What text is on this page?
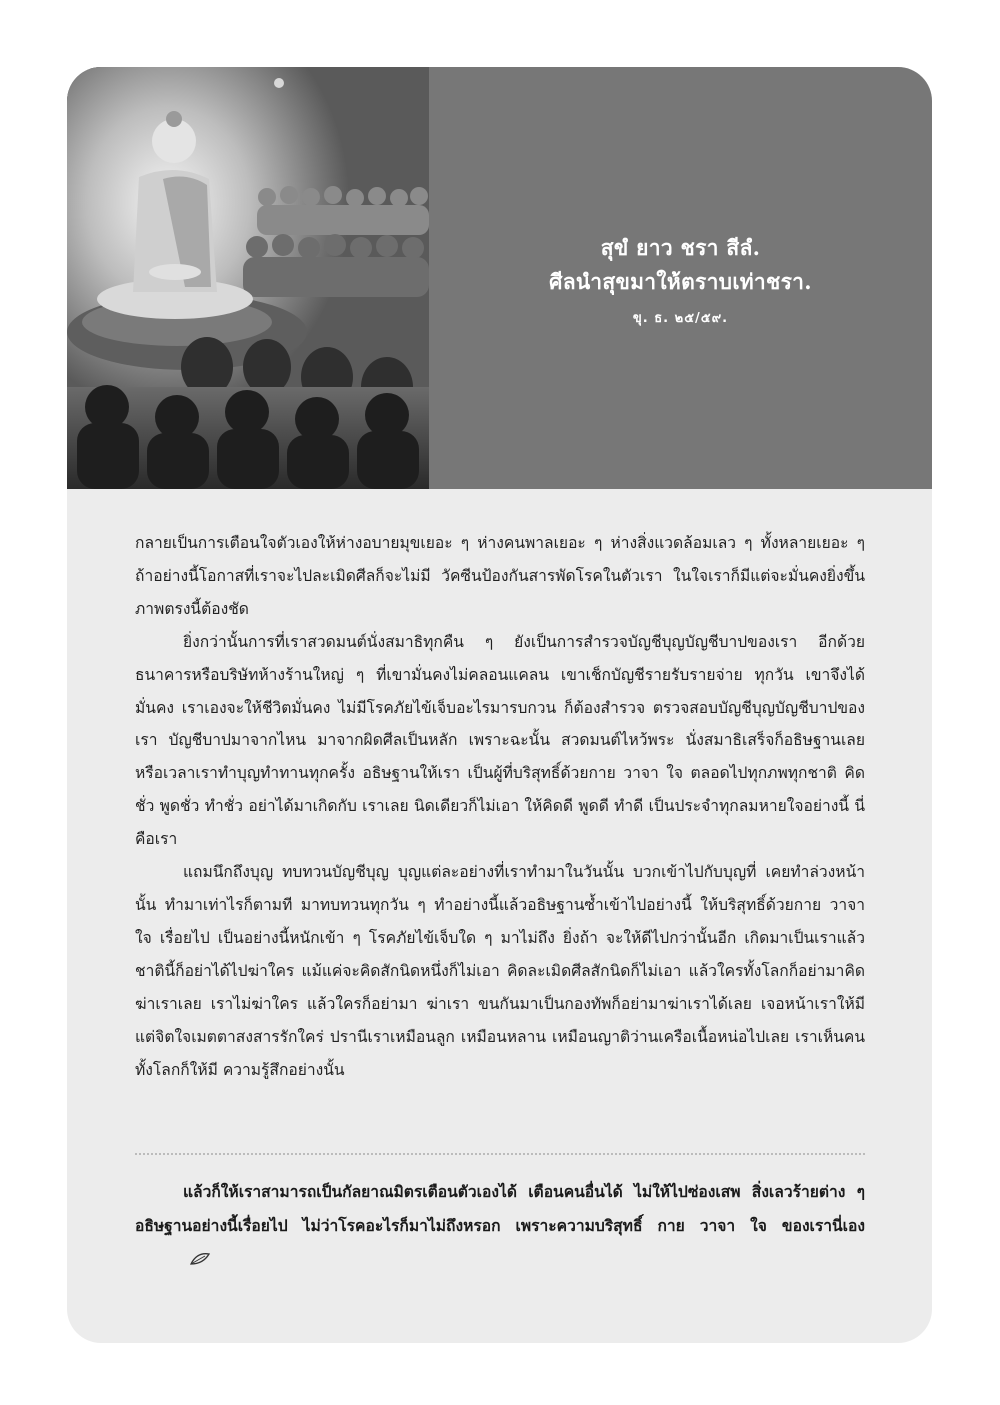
สุขํ ยาว ชรา สีลํ.
ศีลนำสุขมาให้ตราบเท่าชรา.
ขุ. ธ. ๒๕/๕๙.

กลายเป็นการเตือนใจตัวเองให้ห่างอบายมุขเยอะ ๆ ห่างคนพาลเยอะ ๆ ห่างสิ่งแวดล้อมเลว ๆ ทั้งหลายเยอะ ๆ ถ้าอย่างนี้โอกาสที่เราจะไปละเมิดศีลก็จะไม่มี วัคซีนป้องกันสารพัดโรคในตัวเรา ในใจเราก็มีแต่จะมั่นคงยิ่งขึ้น ภาพตรงนี้ต้องชัด

ยิ่งกว่านั้นการที่เราสวดมนต์นั่งสมาธิทุกคืน ๆ ยังเป็นการสำรวจบัญชีบุญบัญชีบาปของเรา อีกด้วย ธนาคารหรือบริษัทห้างร้านใหญ่ ๆ ที่เขามั่นคงไม่คลอนแคลน เขาเช็กบัญชีรายรับรายจ่าย ทุกวัน เขาจึงได้มั่นคง เราเองจะให้ชีวิตมั่นคง ไม่มีโรคภัยไข้เจ็บอะไรมารบกวน ก็ต้องสำรวจ ตรวจสอบบัญชีบุญบัญชีบาปของเรา บัญชีบาปมาจากไหน มาจากผิดศีลเป็นหลัก เพราะฉะนั้น สวดมนต์ไหว้พระ นั่งสมาธิเสร็จก็อธิษฐานเลย หรือเวลาเราทำบุญทำทานทุกครั้ง อธิษฐานให้เรา เป็นผู้ที่บริสุทธิ์ด้วยกาย วาจา ใจ ตลอดไปทุกภพทุกชาติ คิดชั่ว พูดชั่ว ทำชั่ว อย่าได้มาเกิดกับ เราเลย นิดเดียวก็ไม่เอา ให้คิดดี พูดดี ทำดี เป็นประจำทุกลมหายใจอย่างนี้ นี่คือเรา

แถมนึกถึงบุญ ทบทวนบัญชีบุญ บุญแต่ละอย่างที่เราทำมาในวันนั้น บวกเข้าไปกับบุญที่ เคยทำล่วงหน้านั้น ทำมาเท่าไรก็ตามที มาทบทวนทุกวัน ๆ ทำอย่างนี้แล้วอธิษฐานซ้ำเข้าไปอย่างนี้ ให้บริสุทธิ์ด้วยกาย วาจา ใจ เรื่อยไป เป็นอย่างนี้หนักเข้า ๆ โรคภัยไข้เจ็บใด ๆ มาไม่ถึง ยิ่งถ้า จะให้ดีไปกว่านั้นอีก เกิดมาเป็นเราแล้วชาตินี้ก็อย่าได้ไปฆ่าใคร แม้แค่จะคิดสักนิดหนึ่งก็ไม่เอา คิดละเมิดศีลสักนิดก็ไม่เอา แล้วใครทั้งโลกก็อย่ามาคิดฆ่าเราเลย เราไม่ฆ่าใคร แล้วใครก็อย่ามา ฆ่าเรา ขนกันมาเป็นกองทัพก็อย่ามาฆ่าเราได้เลย เจอหน้าเราให้มีแต่จิตใจเมตตาสงสารรักใคร่ ปรานีเราเหมือนลูก เหมือนหลาน เหมือนญาติว่านเครือเนื้อหน่อไปเลย เราเห็นคนทั้งโลกก็ให้มี ความรู้สึกอย่างนั้น

แล้วก็ให้เราสามารถเป็นกัลยาณมิตรเตือนตัวเองได้ เตือนคนอื่นได้ ไม่ให้ไปซ่องเสพ สิ่งเลวร้ายต่าง ๆ อธิษฐานอย่างนี้เรื่อยไป ไม่ว่าโรคอะไรก็มาไม่ถึงหรอก เพราะความบริสุทธิ์ กาย วาจา ใจ ของเรานี่เอง
